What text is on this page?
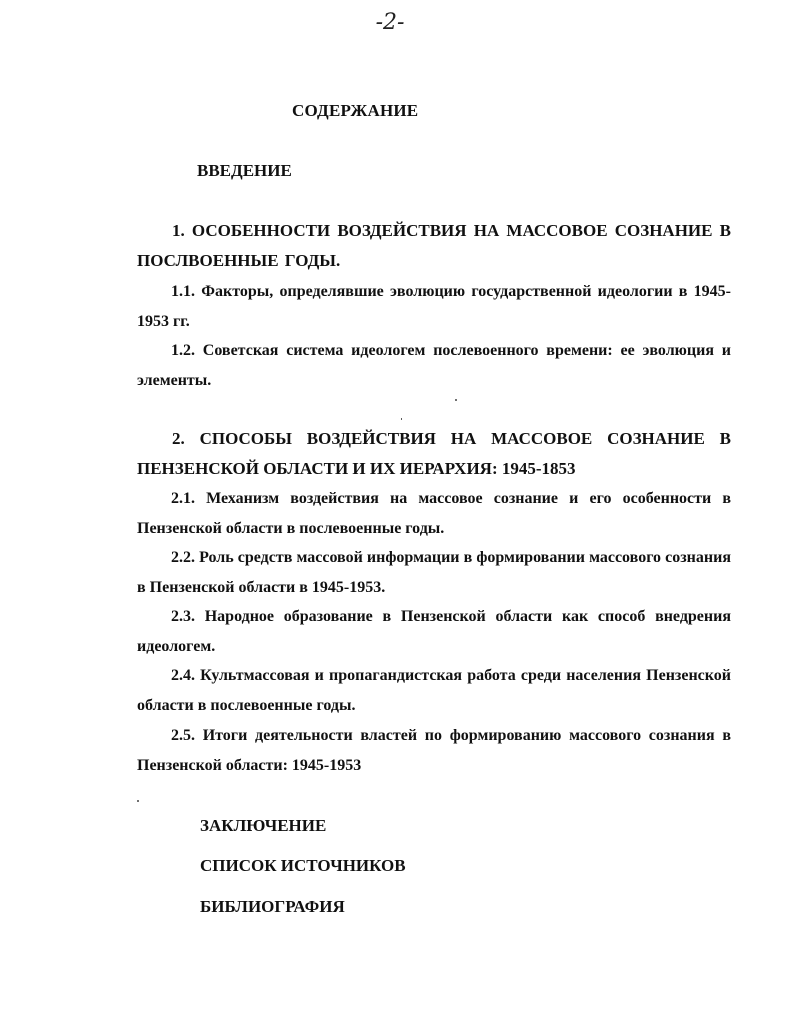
-2-
СОДЕРЖАНИЕ
ВВЕДЕНИЕ
1. ОСОБЕННОСТИ ВОЗДЕЙСТВИЯ НА МАССОВОЕ СОЗНАНИЕ В ПОСЛВОЕННЫЕ ГОДЫ.
1.1. Факторы, определявшие эволюцию государственной идеологии в 1945-1953 гг.
1.2. Советская система идеологем послевоенного времени: ее эволюция и элементы.
2. СПОСОБЫ ВОЗДЕЙСТВИЯ НА МАССОВОЕ СОЗНАНИЕ В ПЕНЗЕНСКОЙ ОБЛАСТИ И ИХ ИЕРАРХИЯ: 1945-1853
2.1. Механизм воздействия на массовое сознание и его особенности в Пензенской области в послевоенные годы.
2.2. Роль средств массовой информации в формировании массового сознания в Пензенской области в 1945-1953.
2.3. Народное образование в Пензенской области как способ внедрения идеологем.
2.4. Культмассовая и пропагандистская работа среди населения Пензенской области в послевоенные годы.
2.5. Итоги деятельности властей по формированию массового сознания в Пензенской области: 1945-1953
ЗАКЛЮЧЕНИЕ
СПИСОК ИСТОЧНИКОВ
БИБЛИОГРАФИЯ
